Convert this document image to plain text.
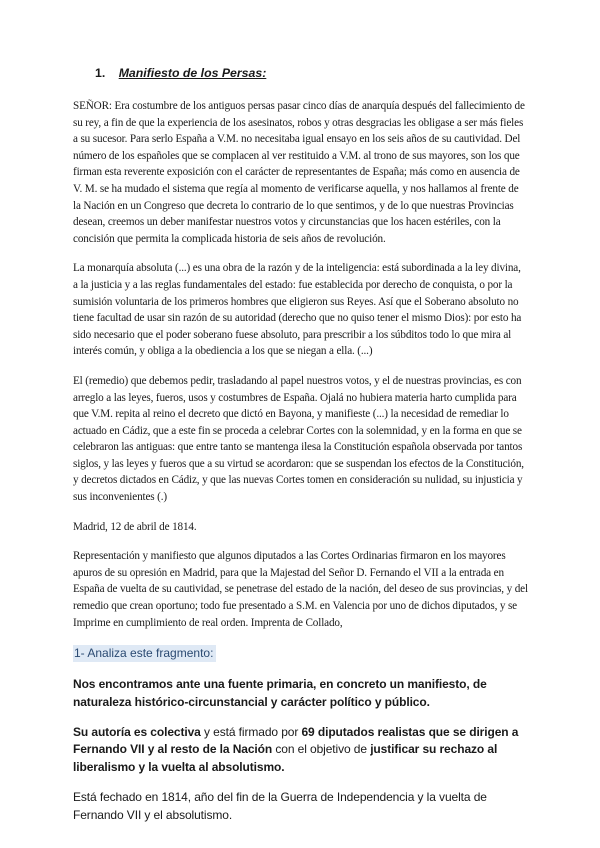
1. Manifiesto de los Persas:

SEÑOR: Era costumbre de los antiguos persas pasar cinco días de anarquía después del fallecimiento de su rey, a fin de que la experiencia de los asesinatos, robos y otras desgracias les obligase a ser más fieles a su sucesor. Para serlo España a V.M. no necesitaba igual ensayo en los seis años de su cautividad. Del número de los españoles que se complacen al ver restituido a V.M. al trono de sus mayores, son los que firman esta reverente exposición con el carácter de representantes de España; más como en ausencia de V. M. se ha mudado el sistema que regía al momento de verificarse aquella, y nos hallamos al frente de la Nación en un Congreso que decreta lo contrario de lo que sentimos, y de lo que nuestras Provincias desean, creemos un deber manifestar nuestros votos y circunstancias que los hacen estériles, con la concisión que permita la complicada historia de seis años de revolución.

La monarquía absoluta (...) es una obra de la razón y de la inteligencia: está subordinada a la ley divina, a la justicia y a las reglas fundamentales del estado: fue establecida por derecho de conquista, o por la sumisión voluntaria de los primeros hombres que eligieron sus Reyes. Así que el Soberano absoluto no tiene facultad de usar sin razón de su autoridad (derecho que no quiso tener el mismo Dios): por esto ha sido necesario que el poder soberano fuese absoluto, para prescribir a los súbditos todo lo que mira al interés común, y obliga a la obediencia a los que se niegan a ella. (...)

El (remedio) que debemos pedir, trasladando al papel nuestros votos, y el de nuestras provincias, es con arreglo a las leyes, fueros, usos y costumbres de España. Ojalá no hubiera materia harto cumplida para que V.M. repita al reino el decreto que dictó en Bayona, y manifieste (...) la necesidad de remediar lo actuado en Cádiz, que a este fin se proceda a celebrar Cortes con la solemnidad, y en la forma en que se celebraron las antiguas: que entre tanto se mantenga ilesa la Constitución española observada por tantos siglos, y las leyes y fueros que a su virtud se acordaron: que se suspendan los efectos de la Constitución, y decretos dictados en Cádiz, y que las nuevas Cortes tomen en consideración su nulidad, su injusticia y sus inconvenientes (.)

Madrid, 12 de abril de 1814.

Representación y manifiesto que algunos diputados a las Cortes Ordinarias firmaron en los mayores apuros de su opresión en Madrid, para que la Majestad del Señor D. Fernando el VII a la entrada en España de vuelta de su cautividad, se penetrase del estado de la nación, del deseo de sus provincias, y del remedio que crean oportuno; todo fue presentado a S.M. en Valencia por uno de dichos diputados, y se Imprime en cumplimiento de real orden. Imprenta de Collado,

1- Analiza este fragmento:

Nos encontramos ante una fuente primaria, en concreto un manifiesto, de naturaleza histórico-circunstancial y carácter político y público.

Su autoría es colectiva y está firmado por 69 diputados realistas que se dirigen a Fernando VII y al resto de la Nación con el objetivo de justificar su rechazo al liberalismo y la vuelta al absolutismo.

Está fechado en 1814, año del fin de la Guerra de Independencia y la vuelta de Fernando VII y el absolutismo.
